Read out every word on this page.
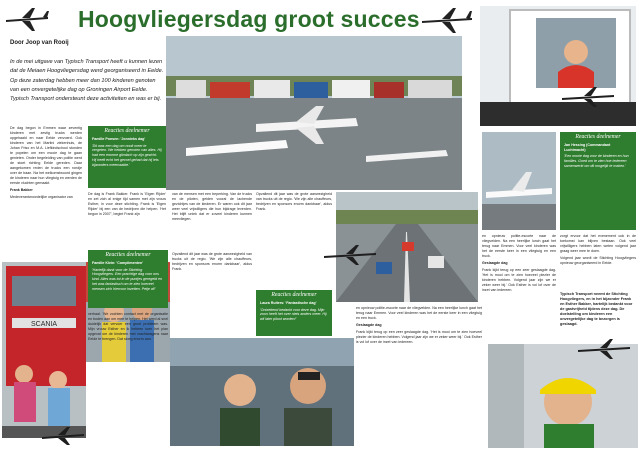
Hoogvliegersdag groot succes
Door Joop van Rooij
In de mei uitgave van Typisch Transport heeft u kunnen lezen dat de Meiaen Hoogvliegersdag werd georganiseerd in Eelde. Op deze zaterdag hebben meer dan 100 kinderen genoten van een onvergetelijke dag op Groningen Airport Eelde. Typisch Transport ondersteunt deze activiteiten en was er bij.

De dag begon in Emmen waar zeventig kinderen met zestig trucks werden opgehaald en naar Eelde vervoerd. Ook kinderen van het Martini ziekenhuis, de Johan Friso en M.A. Liefkindschool stonden te popelen om een mooie dag te gaan genieten. Onder begeleiding van politie werd de stoet richting Eelde gereden. Daar aangekomen reden de trucks een rondje over de baan. Na het welkomstwoord gingen de kinderen naar hun vliegtuig en werden de eerste vluchten gemaakt.

Frank Bakker

Medeverantwoordelijke organisator van

Reacties deelnemer
Famille Ponsen: 'Jonnieks dag'
'Dit was een dag om nooit meer te vergeten. We hebben genoten van alles. Hij had een enorme glimlach op zijn gezicht. Hij heeft echt het gevoel gehad dat hij iets bijzonders meemaakte.'

De dag is Frank Bakker. Frank is 'Eigen Rijder' en zet zich al enige tijd samen met zijn vrouw Esther, in voor deze stichting. Frank is 'Eigen Rijder' bij een van de bedrijven die helpen. 'Het begon in 2007', begint Frank zijn

van de mensen met een beperking. Van de trucks en de piloten, gelden vooral de lachende gezichtjes van de kinderen. Er waren ook dit jaar weer veel vrijwilligers die hun bijdrage leverden. Het blijft uniek dat er zoveel kinderen kunnen meevliegen.

Opvallend dit jaar was de grote aanwezigheid van trucks uit de regio. 'We zijn alle chauffeurs, bedrijven en sponsors enorm dankbaar', aldus Frank.

Reacties deelnemer
Jan Hessing (Commandant Luchtmacht)
'Een mooie dag voor de kinderen en hun families. Goed om te zien hoe iedereen samenwerkt om dit mogelijk te maken.'

zorgt ervoor dat het evenement ook in de toekomst kan blijven bestaan. Ook veel vrijwilligers hebben laten weten volgend jaar graag weer mee te doen.

Volgend jaar wordt de Stichting Hoogvliegers opnieuw georganiseerd in Eelde.

Typisch Transport neemt de Stichting Hoogvliegers, en in het bijzonder Frank en Esther Bakker, hartelijk bedankt voor de gastvrijheid tijdens deze dag. De doelstelling om kinderen een onvergetelijke dag te bezorgen is geslaagd.

en opnieuw politie-escorte naar de vliegvelden. Na een heerlijke lunch gaat het terug naar Emmen. Voor veel kinderen was het de eerste keer in een vliegtuig en een truck.

Geslaagde dag

Frank kijkt terug op een zeer geslaagde dag. 'Het is mooi om te zien hoeveel plezier de kinderen hebben. Volgend jaar zijn we er zeker weer bij.' Ook Esther is vol lof over de inzet van iedereen.

SCANIA
Reacties deelnemer
Familie Klein: 'Complimenten'
'Hartelijk dank voor de Stichting Hoogvliegers. Een prachtige dag voor ons kind. Alles was tot in de puntjes geregeld en het was fantastisch om te zien hoeveel mensen zich hiervoor inzetten. Petje af!'

verhaal. 'We zochten contact met de organisatie en boden aan om mee te helpen. Het werd al snel duidelijk dat vervoer een groot probleem was. Mijn vrouw Esther en ik hebben toen het plan opgevat om de kinderen met vrachtwagens naar Eelde te brengen. Dat sloeg enorm aan.'

Reacties deelnemer
Laura Ruiters: 'Fantastische dag'
'Ontzettend bedankt voor deze dag. Mijn zoon heeft het over niets anders meer. Hij wil later piloot worden!'

Opvallend dit jaar was de grote aanwezigheid van trucks uit de regio. 'We zijn alle chauffeurs, bedrijven en sponsors enorm dankbaar', aldus Frank.

en opnieuw politie-escorte naar de vliegvelden. Na een heerlijke lunch gaat het terug naar Emmen. Voor veel kinderen was het de eerste keer in een vliegtuig en een truck.

Geslaagde dag

Frank kijkt terug op een zeer geslaagde dag. 'Het is mooi om te zien hoeveel plezier de kinderen hebben. Volgend jaar zijn we er zeker weer bij.' Ook Esther is vol lof over de inzet van iedereen.
